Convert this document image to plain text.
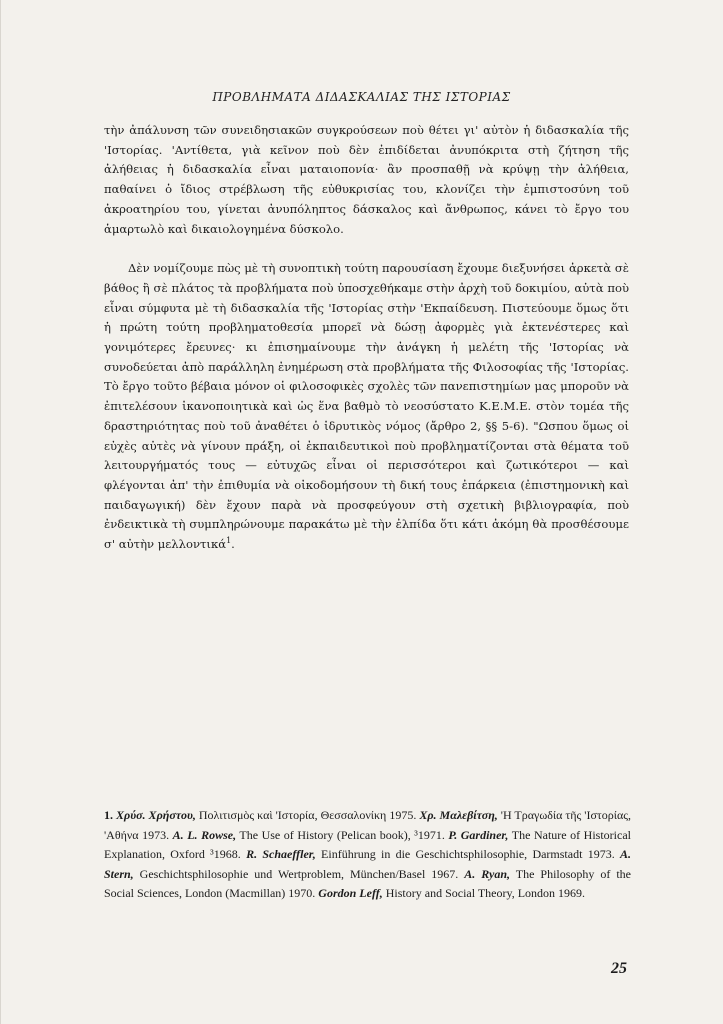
ΠΡΟΒΛΗΜΑΤΑ ΔΙΔΑΣΚΑΛΙΑΣ ΤΗΣ ΙΣΤΟΡΙΑΣ

τὴν ἀπάλυνση τῶν συνειδησιακῶν συγκρούσεων ποὺ θέτει γι' αὐτὸν ἡ διδασκαλία τῆς 'Ιστορίας. 'Αντίθετα, γιὰ κεῖνον ποὺ δὲν ἐπιδίδεται ἀνυπόκριτα στὴ ζήτηση τῆς ἀλήθειας ἡ διδασκαλία εἶναι ματαιοπονία· ἂν προσπαθῇ νὰ κρύψῃ τὴν ἀλήθεια, παθαίνει ὁ ἴδιος στρέβλωση τῆς εὐθυκρισίας του, κλονίζει τὴν ἐμπιστοσύνη τοῦ ἀκροατηρίου του, γίνεται ἀνυπόληπτος δάσκαλος καὶ ἄνθρωπος, κάνει τὸ ἔργο του ἁμαρτωλὸ καὶ δικαιολογημένα δύσκολο.

Δὲν νομίζουμε πὼς μὲ τὴ συνοπτικὴ τούτη παρουσίαση ἔχουμε διεξυνήσει ἀρκετὰ σὲ βάθος ἢ σὲ πλάτος τὰ προβλήματα ποὺ ὑποσχεθήκαμε στὴν ἀρχὴ τοῦ δοκιμίου, αὐτὰ ποὺ εἶναι σύμφυτα μὲ τὴ διδασκαλία τῆς 'Ιστορίας στὴν 'Εκπαίδευση. Πιστεύουμε ὅμως ὅτι ἡ πρώτη τούτη προβληματοθεσία μπορεῖ νὰ δώσῃ ἀφορμὲς γιὰ ἐκτενέστερες καὶ γονιμότερες ἔρευνες· κι ἐπισημαίνουμε τὴν ἀνάγκη ἡ μελέτη τῆς 'Ιστορίας νὰ συνοδεύεται ἀπὸ παράλληλη ἐνημέρωση στὰ προβλήματα τῆς Φιλοσοφίας τῆς 'Ιστορίας. Τὸ ἔργο τοῦτο βέβαια μόνον οἱ φιλοσοφικὲς σχολὲς τῶν πανεπιστημίων μας μποροῦν νὰ ἐπιτελέσουν ἱκανοποιητικὰ καὶ ὡς ἕνα βαθμὸ τὸ νεοσύστατο Κ.Ε.Μ.Ε. στὸν τομέα τῆς δραστηριότητας ποὺ τοῦ ἀναθέτει ὁ ἱδρυτικὸς νόμος (ἄρθρο 2, §§ 5-6). "Ωσπου ὅμως οἱ εὐχὲς αὐτὲς νὰ γίνουν πράξη, οἱ ἐκπαιδευτικοὶ ποὺ προβληματίζονται στὰ θέματα τοῦ λειτουργήματός τους — εὐτυχῶς εἶναι οἱ περισσότεροι καὶ ζωτικότεροι — καὶ φλέγονται ἀπ' τὴν ἐπιθυμία νὰ οἰκοδομήσουν τὴ δική τους ἐπάρκεια (ἐπιστημονικὴ καὶ παιδαγωγική) δὲν ἔχουν παρὰ νὰ προσφεύγουν στὴ σχετικὴ βιβλιογραφία, ποὺ ἐνδεικτικὰ τὴ συμπληρώνουμε παρακάτω μὲ τὴν ἐλπίδα ὅτι κάτι ἀκόμη θὰ προσθέσουμε σ' αὐτὴν μελλοντικά$^1$.

1. Χρύσ. Χρήστου, Πολιτισμὸς καὶ 'Ιστορία, Θεσσαλονίκη 1975. Χρ. Μαλεβίτση, 'Η Τραγωδία τῆς 'Ιστορίας, 'Αθήνα 1973. A. L. Rowse, The Use of History (Pelican book), ³1971. P. Gardiner, The Nature of Historical Explanation, Oxford ³1968. R. Schaeffler, Einführung in die Geschichtsphilosophie, Darmstadt 1973. A. Stern, Geschichtsphilosophie und Wertproblem, München/Basel 1967. A. Ryan, The Philosophy of the Social Sciences, London (Macmillan) 1970. Gordon Leff, History and Social Theory, London 1969.

25
